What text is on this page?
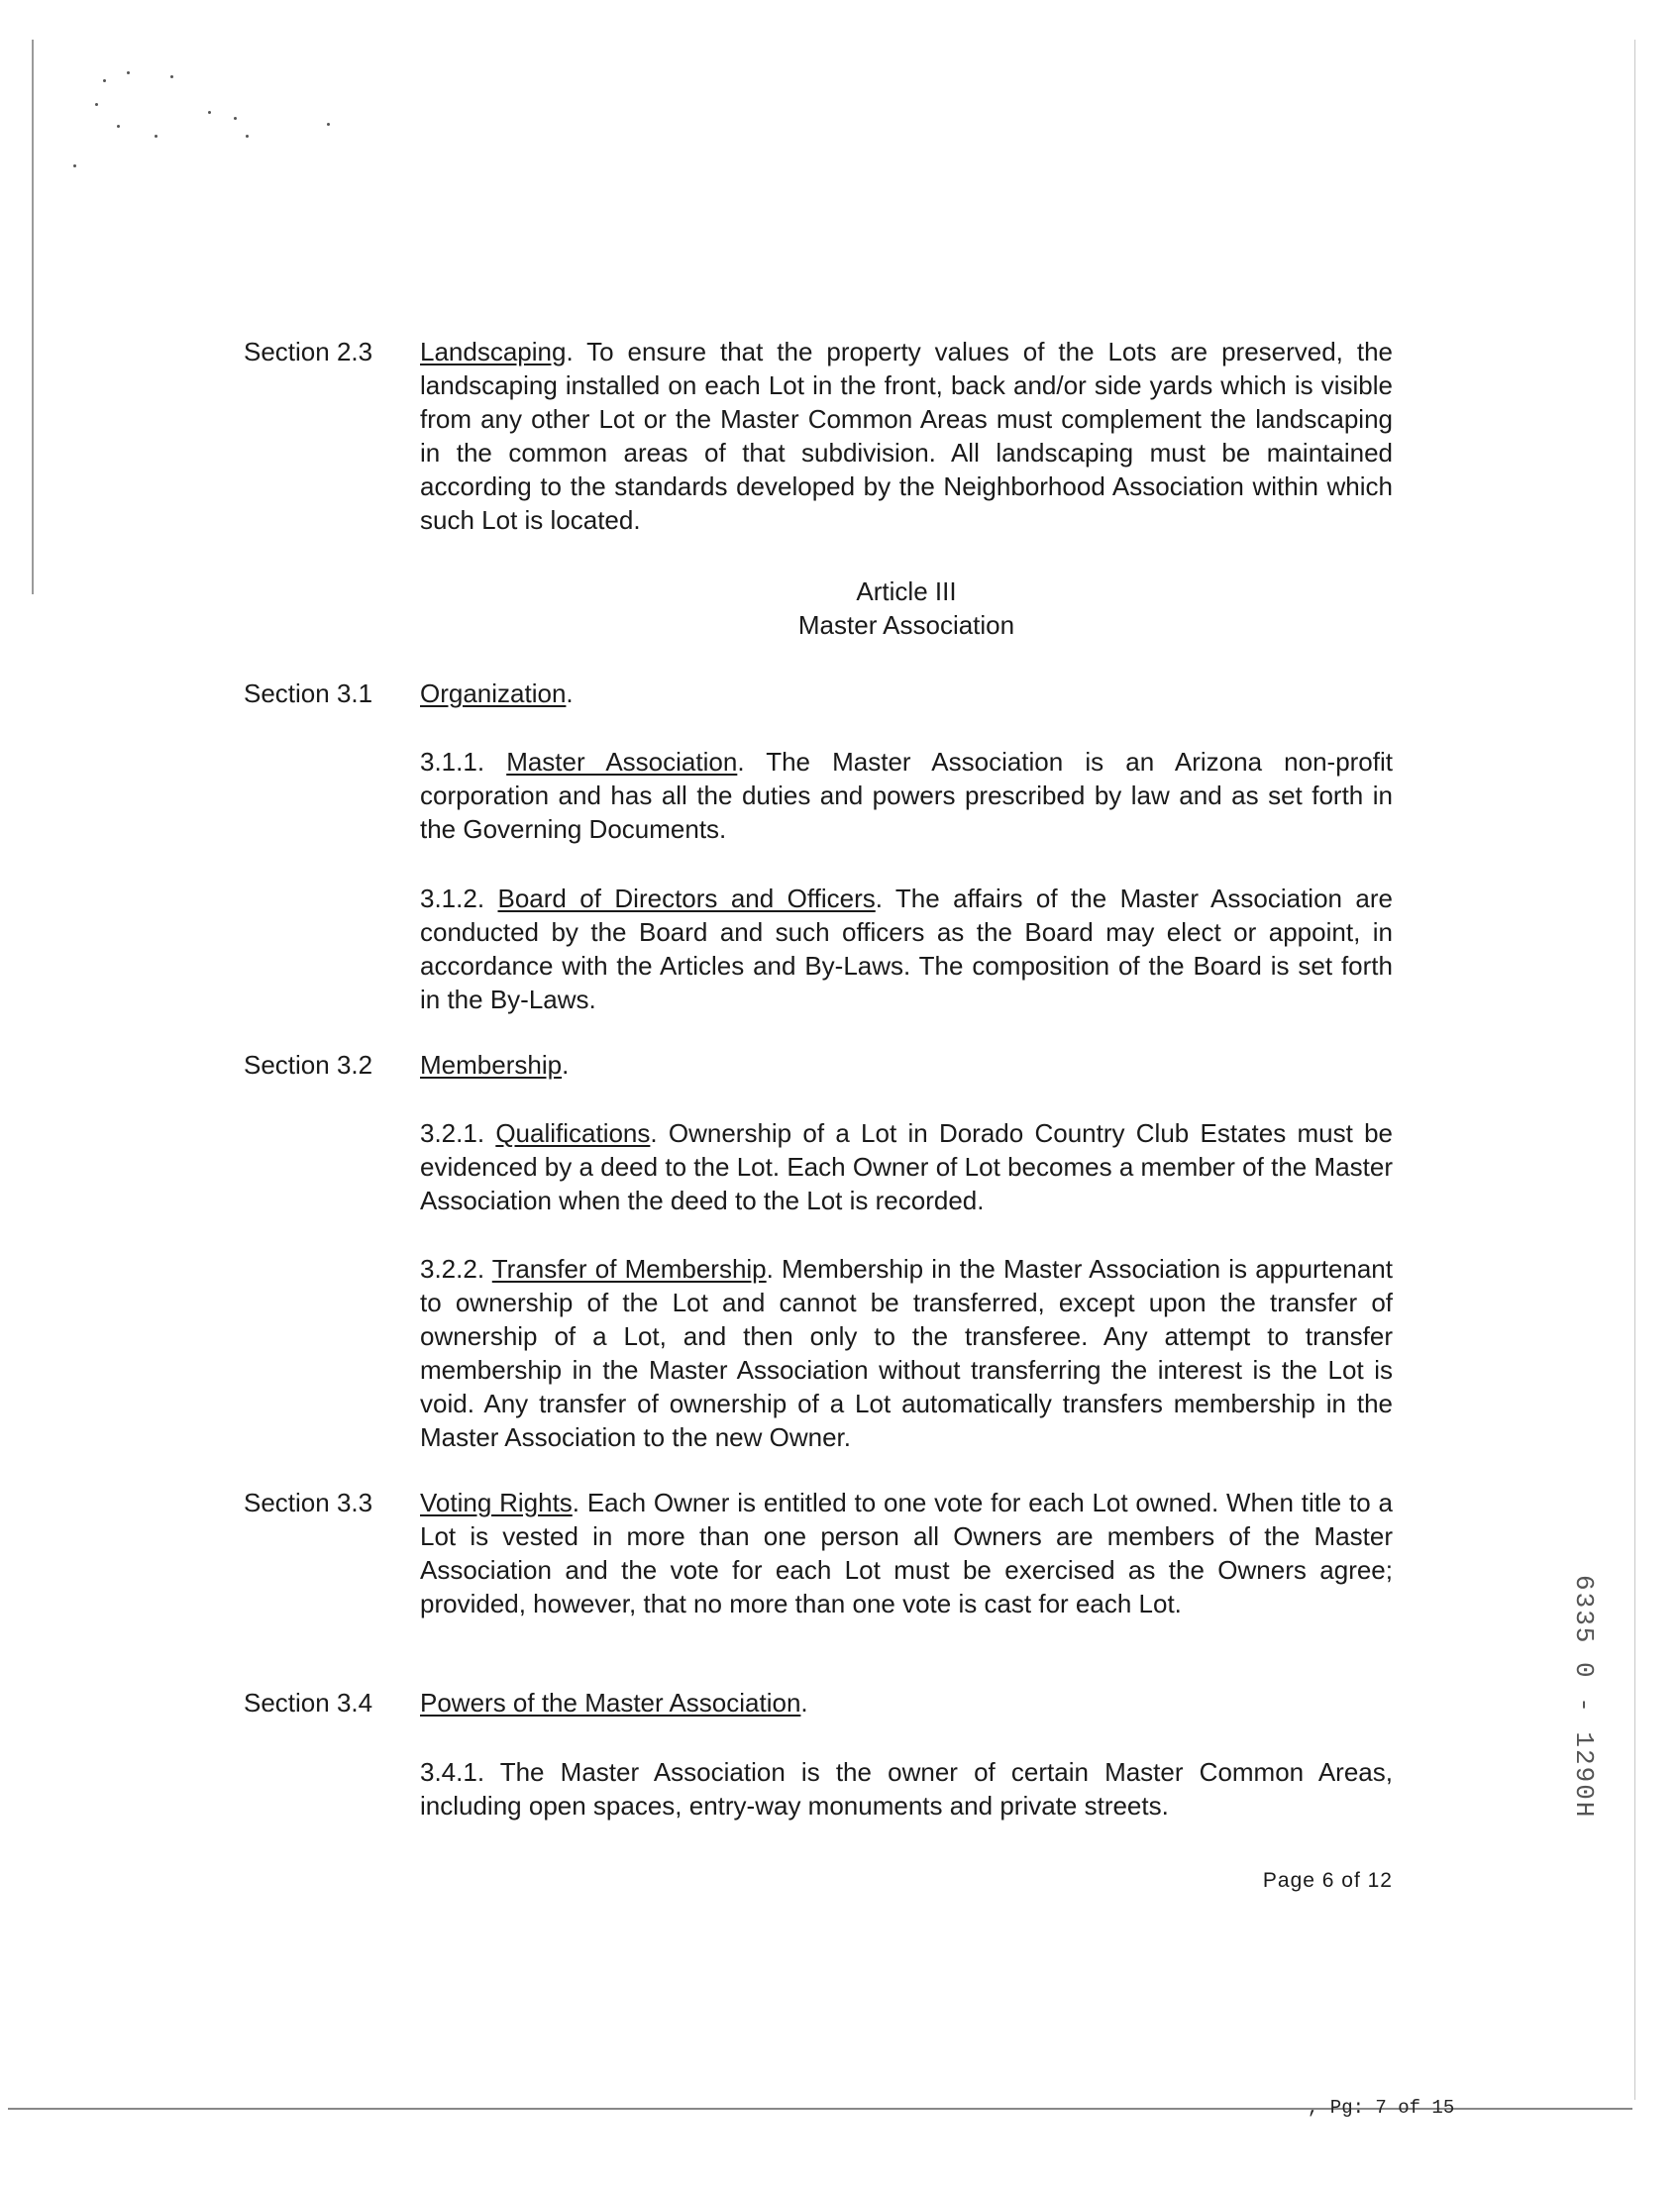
Section 2.3	Landscaping. To ensure that the property values of the Lots are preserved, the landscaping installed on each Lot in the front, back and/or side yards which is visible from any other Lot or the Master Common Areas must complement the landscaping in the common areas of that subdivision. All landscaping must be maintained according to the standards developed by the Neighborhood Association within which such Lot is located.
Article III
Master Association
Section 3.1	Organization.
3.1.1. Master Association. The Master Association is an Arizona non-profit corporation and has all the duties and powers prescribed by law and as set forth in the Governing Documents.
3.1.2. Board of Directors and Officers. The affairs of the Master Association are conducted by the Board and such officers as the Board may elect or appoint, in accordance with the Articles and By-Laws. The composition of the Board is set forth in the By-Laws.
Section 3.2	Membership.
3.2.1. Qualifications. Ownership of a Lot in Dorado Country Club Estates must be evidenced by a deed to the Lot. Each Owner of Lot becomes a member of the Master Association when the deed to the Lot is recorded.
3.2.2. Transfer of Membership. Membership in the Master Association is appurtenant to ownership of the Lot and cannot be transferred, except upon the transfer of ownership of a Lot, and then only to the transferee. Any attempt to transfer membership in the Master Association without transferring the interest is the Lot is void. Any transfer of ownership of a Lot automatically transfers membership in the Master Association to the new Owner.
Section 3.3	Voting Rights. Each Owner is entitled to one vote for each Lot owned. When title to a Lot is vested in more than one person all Owners are members of the Master Association and the vote for each Lot must be exercised as the Owners agree; provided, however, that no more than one vote is cast for each Lot.
Section 3.4	Powers of the Master Association.
3.4.1. The Master Association is the owner of certain Master Common Areas, including open spaces, entry-way monuments and private streets.
Page 6 of 12
6335 0 - 1290H
, Pg: 7 of 15
